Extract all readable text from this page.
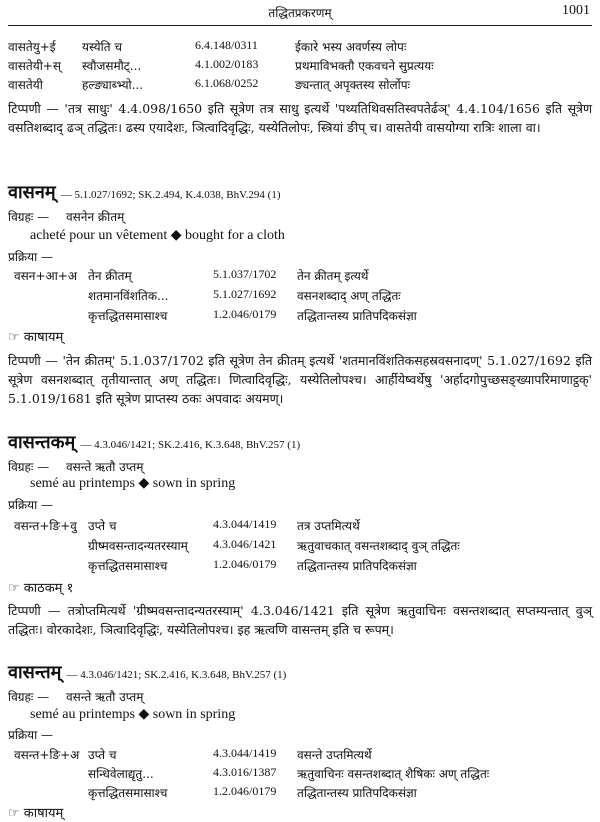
तद्धितप्रकरणम्	1001
वासतेयु+ई यस्येति च	6.4.148/0311	ईकारे भस्य अवर्णस्य लोपः
वासतेयी+स् स्वौजसमौट्...	4.1.002/0183	प्रथमाविभक्तौ एकवचने सुप्रत्ययः
वासतेयी	हल्ङ्याब्भ्यो...	6.1.068/0252	ङ्यन्तात् अपृक्तस्य सोर्लोपः
टिप्पणी — 'तत्र साधुः' 4.4.098/1650 इति सूत्रेण तत्र साधु इत्यर्थे 'पथ्यतिथिवसतिस्वपतेर्ढञ्' 4.4.104/1656 इति सूत्रेण वसतिशब्दाद् ढञ् तद्धितः। ढस्य एयादेशः, ञित्वादिवृद्धिः, यस्येतिलोपः, स्त्रियां ङीप् च। वासतेयी वासयोग्या रात्रिः शाला वा।
वासनम् — 5.1.027/1692; SK.2.494, K.4.038, BhV.294 (1)
विग्रहः — वसनेन क्रीतम्
acheté pour un vêtement ◆ bought for a cloth
प्रक्रिया —
वसन+आ+अ तेन क्रीतम्	5.1.037/1702 तेन क्रीतम् इत्यर्थे
शतमानविंशतिक...	5.1.027/1692 वसनशब्दाद् अण् तद्धितः
कृत्तद्धितसमासाश्च	1.2.046/0179 तद्धितान्तस्य प्रातिपदिकसंज्ञा
☞ काषायम्
टिप्पणी — 'तेन क्रीतम्' 5.1.037/1702 इति सूत्रेण तेन क्रीतम् इत्यर्थे 'शतमानविंशतिकसहस्रवसनादण्' 5.1.027/1692 इति सूत्रेण वसनशब्दात् तृतीयान्तात् अण् तद्धितः। णित्वादिवृद्धिः, यस्येतिलोपश्च। आर्हीयेष्वर्थेषु 'अर्हादगोपुच्छसङ्ख्यापरिमाणाट्ठक्' 5.1.019/1681 इति सूत्रेण प्राप्तस्य ठकः अपवादः अयमण्।
वासन्तकम् — 4.3.046/1421; SK.2.416, K.3.648, BhV.257 (1)
विग्रहः — वसन्ते ऋतौ उप्तम्
semé au printemps ◆ sown in spring
प्रक्रिया —
वसन्त+ङि+वु उप्ते च	4.3.044/1419 तत्र उप्तमित्यर्थे
ग्रीष्मवसन्तादन्यतरस्याम् 4.3.046/1421 ऋतुवाचकात् वसन्तशब्दाद् वुञ् तद्धितः
कृत्तद्धितसमासाश्च	1.2.046/0179 तद्धितान्तस्य प्रातिपदिकसंज्ञा
☞ काठकम् १
टिप्पणी — तत्रोप्तमित्यर्थे 'ग्रीष्मवसन्तादन्यतरस्याम्' 4.3.046/1421 इति सूत्रेण ऋतुवाचिनः वसन्तशब्दात् सप्तम्यन्तात् वुञ् तद्धितः। वोरकादेशः, ञित्वादिवृद्धिः, यस्येतिलोपश्च। इह ऋत्वणि वासन्तम् इति च रूपम्।
वासन्तम् — 4.3.046/1421; SK.2.416, K.3.648, BhV.257 (1)
विग्रहः — वसन्ते ऋतौ उप्तम्
semé au printemps ◆ sown in spring
प्रक्रिया —
वसन्त+ङि+अ उप्ते च	4.3.044/1419 वसन्ते उप्तमित्यर्थे
सन्धिवेलाद्यृतु...	4.3.016/1387 ऋतुवाचिनः वसन्तशब्दात् शैषिकः अण् तद्धितः
कृत्तद्धितसमासाश्च	1.2.046/0179 तद्धितान्तस्य प्रातिपदिकसंज्ञा
☞ काषायम्
